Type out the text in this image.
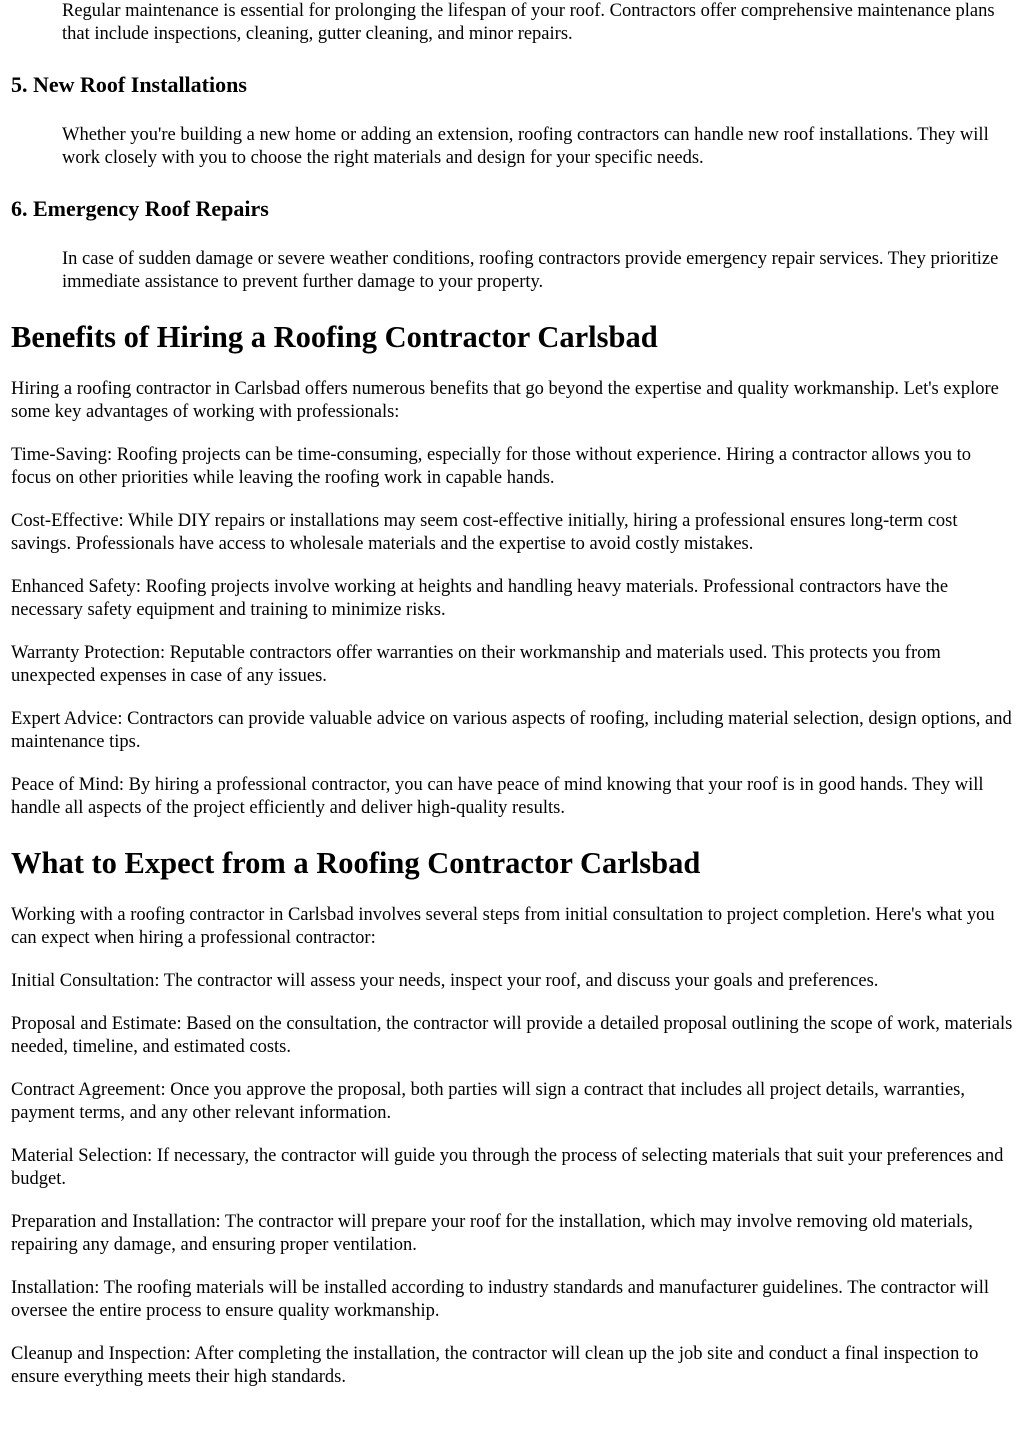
Regular maintenance is essential for prolonging the lifespan of your roof. Contractors offer comprehensive maintenance plans that include inspections, cleaning, gutter cleaning, and minor repairs.

5. New Roof Installations

Whether you're building a new home or adding an extension, roofing contractors can handle new roof installations. They will work closely with you to choose the right materials and design for your specific needs.

6. Emergency Roof Repairs

In case of sudden damage or severe weather conditions, roofing contractors provide emergency repair services. They prioritize immediate assistance to prevent further damage to your property.

Benefits of Hiring a Roofing Contractor Carlsbad

Hiring a roofing contractor in Carlsbad offers numerous benefits that go beyond the expertise and quality workmanship. Let's explore some key advantages of working with professionals:

Time-Saving: Roofing projects can be time-consuming, especially for those without experience. Hiring a contractor allows you to focus on other priorities while leaving the roofing work in capable hands.

Cost-Effective: While DIY repairs or installations may seem cost-effective initially, hiring a professional ensures long-term cost savings. Professionals have access to wholesale materials and the expertise to avoid costly mistakes.

Enhanced Safety: Roofing projects involve working at heights and handling heavy materials. Professional contractors have the necessary safety equipment and training to minimize risks.

Warranty Protection: Reputable contractors offer warranties on their workmanship and materials used. This protects you from unexpected expenses in case of any issues.

Expert Advice: Contractors can provide valuable advice on various aspects of roofing, including material selection, design options, and maintenance tips.

Peace of Mind: By hiring a professional contractor, you can have peace of mind knowing that your roof is in good hands. They will handle all aspects of the project efficiently and deliver high-quality results.

What to Expect from a Roofing Contractor Carlsbad

Working with a roofing contractor in Carlsbad involves several steps from initial consultation to project completion. Here's what you can expect when hiring a professional contractor:

Initial Consultation: The contractor will assess your needs, inspect your roof, and discuss your goals and preferences.

Proposal and Estimate: Based on the consultation, the contractor will provide a detailed proposal outlining the scope of work, materials needed, timeline, and estimated costs.

Contract Agreement: Once you approve the proposal, both parties will sign a contract that includes all project details, warranties, payment terms, and any other relevant information.

Material Selection: If necessary, the contractor will guide you through the process of selecting materials that suit your preferences and budget.

Preparation and Installation: The contractor will prepare your roof for the installation, which may involve removing old materials, repairing any damage, and ensuring proper ventilation.

Installation: The roofing materials will be installed according to industry standards and manufacturer guidelines. The contractor will oversee the entire process to ensure quality workmanship.

Cleanup and Inspection: After completing the installation, the contractor will clean up the job site and conduct a final inspection to ensure everything meets their high standards.
